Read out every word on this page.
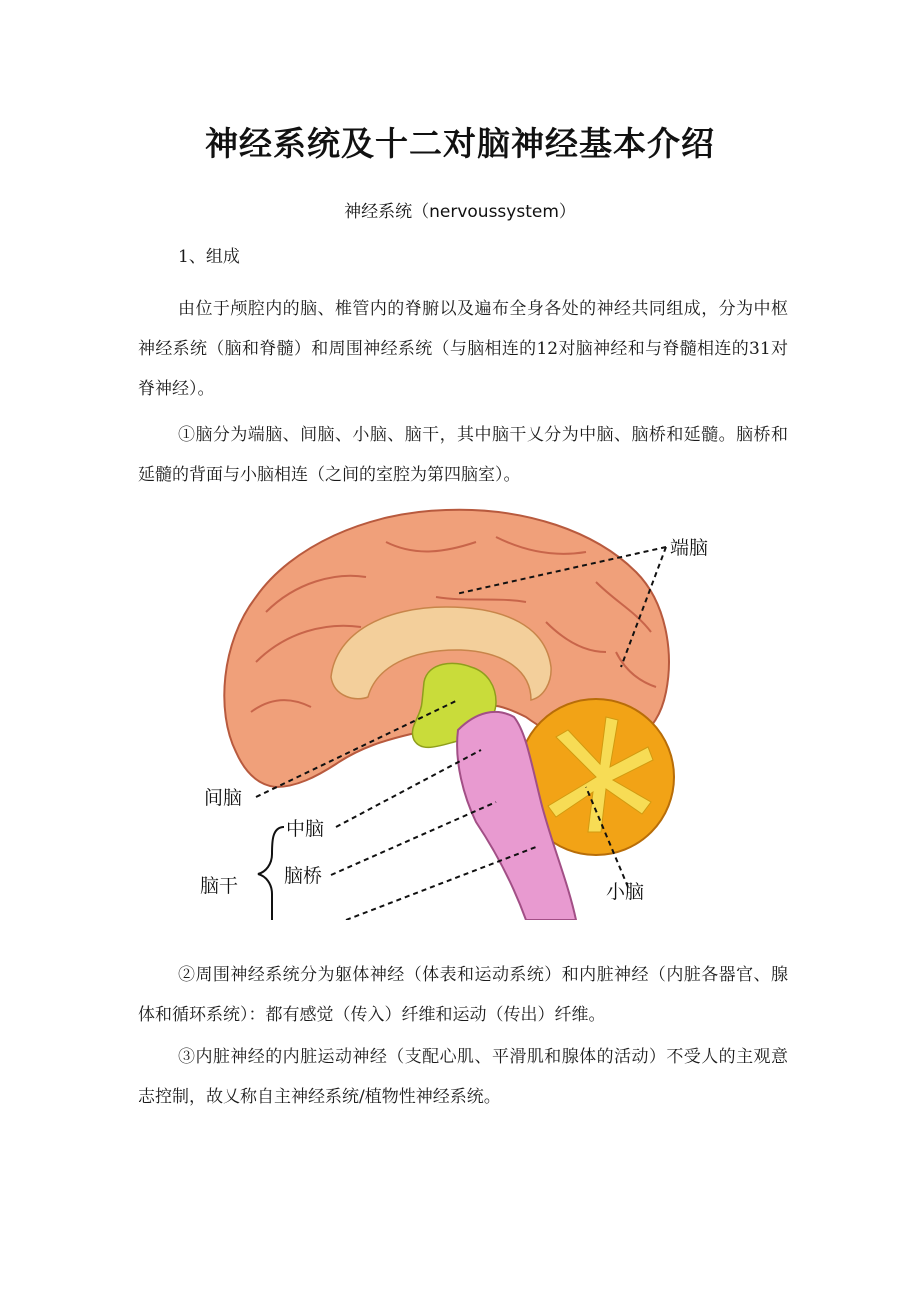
神经系统及十二对脑神经基本介绍
神经系统（nervoussystem）
1、组成

由位于颅腔内的脑、椎管内的脊腑以及遍布全身各处的神经共同组成，分为中枢神经系统（脑和脊髓）和周围神经系统（与脑相连的12对脑神经和与脊髓相连的31对脊神经）。

①脑分为端脑、间脑、小脑、脑干，其中脑干乂分为中脑、脑桥和延髓。脑桥和延髓的背面与小脑相连（之间的室腔为第四脑室）。

端脑
间脑
中脑
脑桥
脑干	小脑

②周围神经系统分为躯体神经（体表和运动系统）和内脏神经（内脏各器官、腺体和循环系统）：都有感觉（传入）纤维和运动（传出）纤维。

③内脏神经的内脏运动神经（支配心肌、平滑肌和腺体的活动）不受人的主观意志控制，故乂称自主神经系统/植物性神经系统。
